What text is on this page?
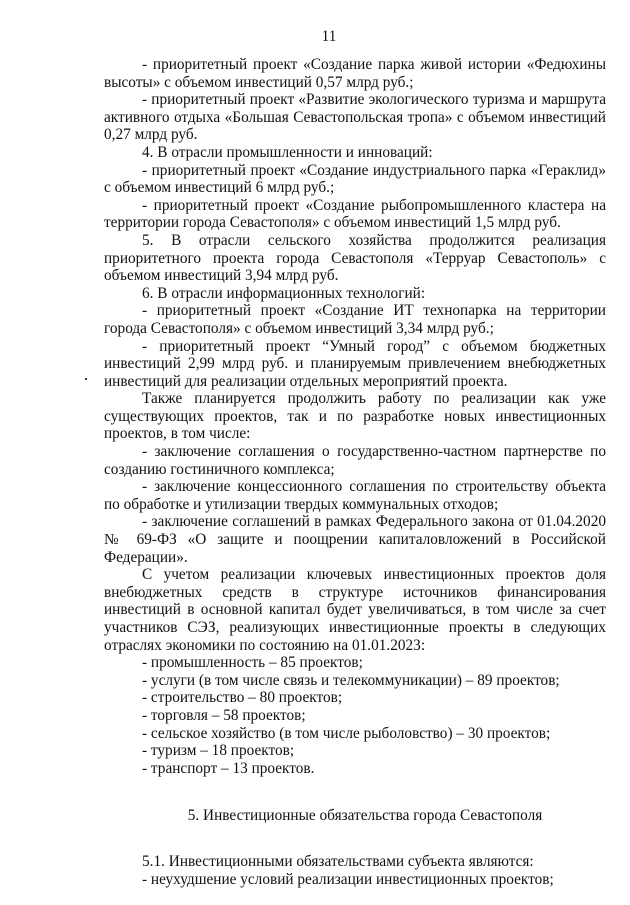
11

- приоритетный проект «Создание парка живой истории «Федюхины высоты» с объемом инвестиций 0,57 млрд руб.;

- приоритетный проект «Развитие экологического туризма и маршрута активного отдыха «Большая Севастопольская тропа» с объемом инвестиций 0,27 млрд руб.

4. В отрасли промышленности и инноваций:

- приоритетный проект «Создание индустриального парка «Гераклид» с объемом инвестиций 6 млрд руб.;

- приоритетный проект «Создание рыбопромышленного кластера на территории города Севастополя» с объемом инвестиций 1,5 млрд руб.

5. В отрасли сельского хозяйства продолжится реализация приоритетного проекта города Севастополя «Терруар Севастополь» с объемом инвестиций 3,94 млрд руб.

6. В отрасли информационных технологий:

- приоритетный проект «Создание ИТ технопарка на территории города Севастополя» с объемом инвестиций 3,34 млрд руб.;

- приоритетный проект “Умный город” с объемом бюджетных инвестиций 2,99 млрд руб. и планируемым привлечением внебюджетных инвестиций для реализации отдельных мероприятий проекта.

Также планируется продолжить работу по реализации как уже существующих проектов, так и по разработке новых инвестиционных проектов, в том числе:

- заключение соглашения о государственно-частном партнерстве по созданию гостиничного комплекса;

- заключение концессионного соглашения по строительству объекта по обработке и утилизации твердых коммунальных отходов;

- заключение соглашений в рамках Федерального закона от 01.04.2020 № 69-ФЗ «О защите и поощрении капиталовложений в Российской Федерации».

С учетом реализации ключевых инвестиционных проектов доля внебюджетных средств в структуре источников финансирования инвестиций в основной капитал будет увеличиваться, в том числе за счет участников СЭЗ, реализующих инвестиционные проекты в следующих отраслях экономики по состоянию на 01.01.2023:

- промышленность – 85 проектов;
- услуги (в том числе связь и телекоммуникации) – 89 проектов;
- строительство – 80 проектов;
- торговля – 58 проектов;
- сельское хозяйство (в том числе рыболовство) – 30 проектов;
- туризм – 18 проектов;
- транспорт – 13 проектов.
5. Инвестиционные обязательства города Севастополя

5.1. Инвестиционными обязательствами субъекта являются:

- неухудшение условий реализации инвестиционных проектов;
